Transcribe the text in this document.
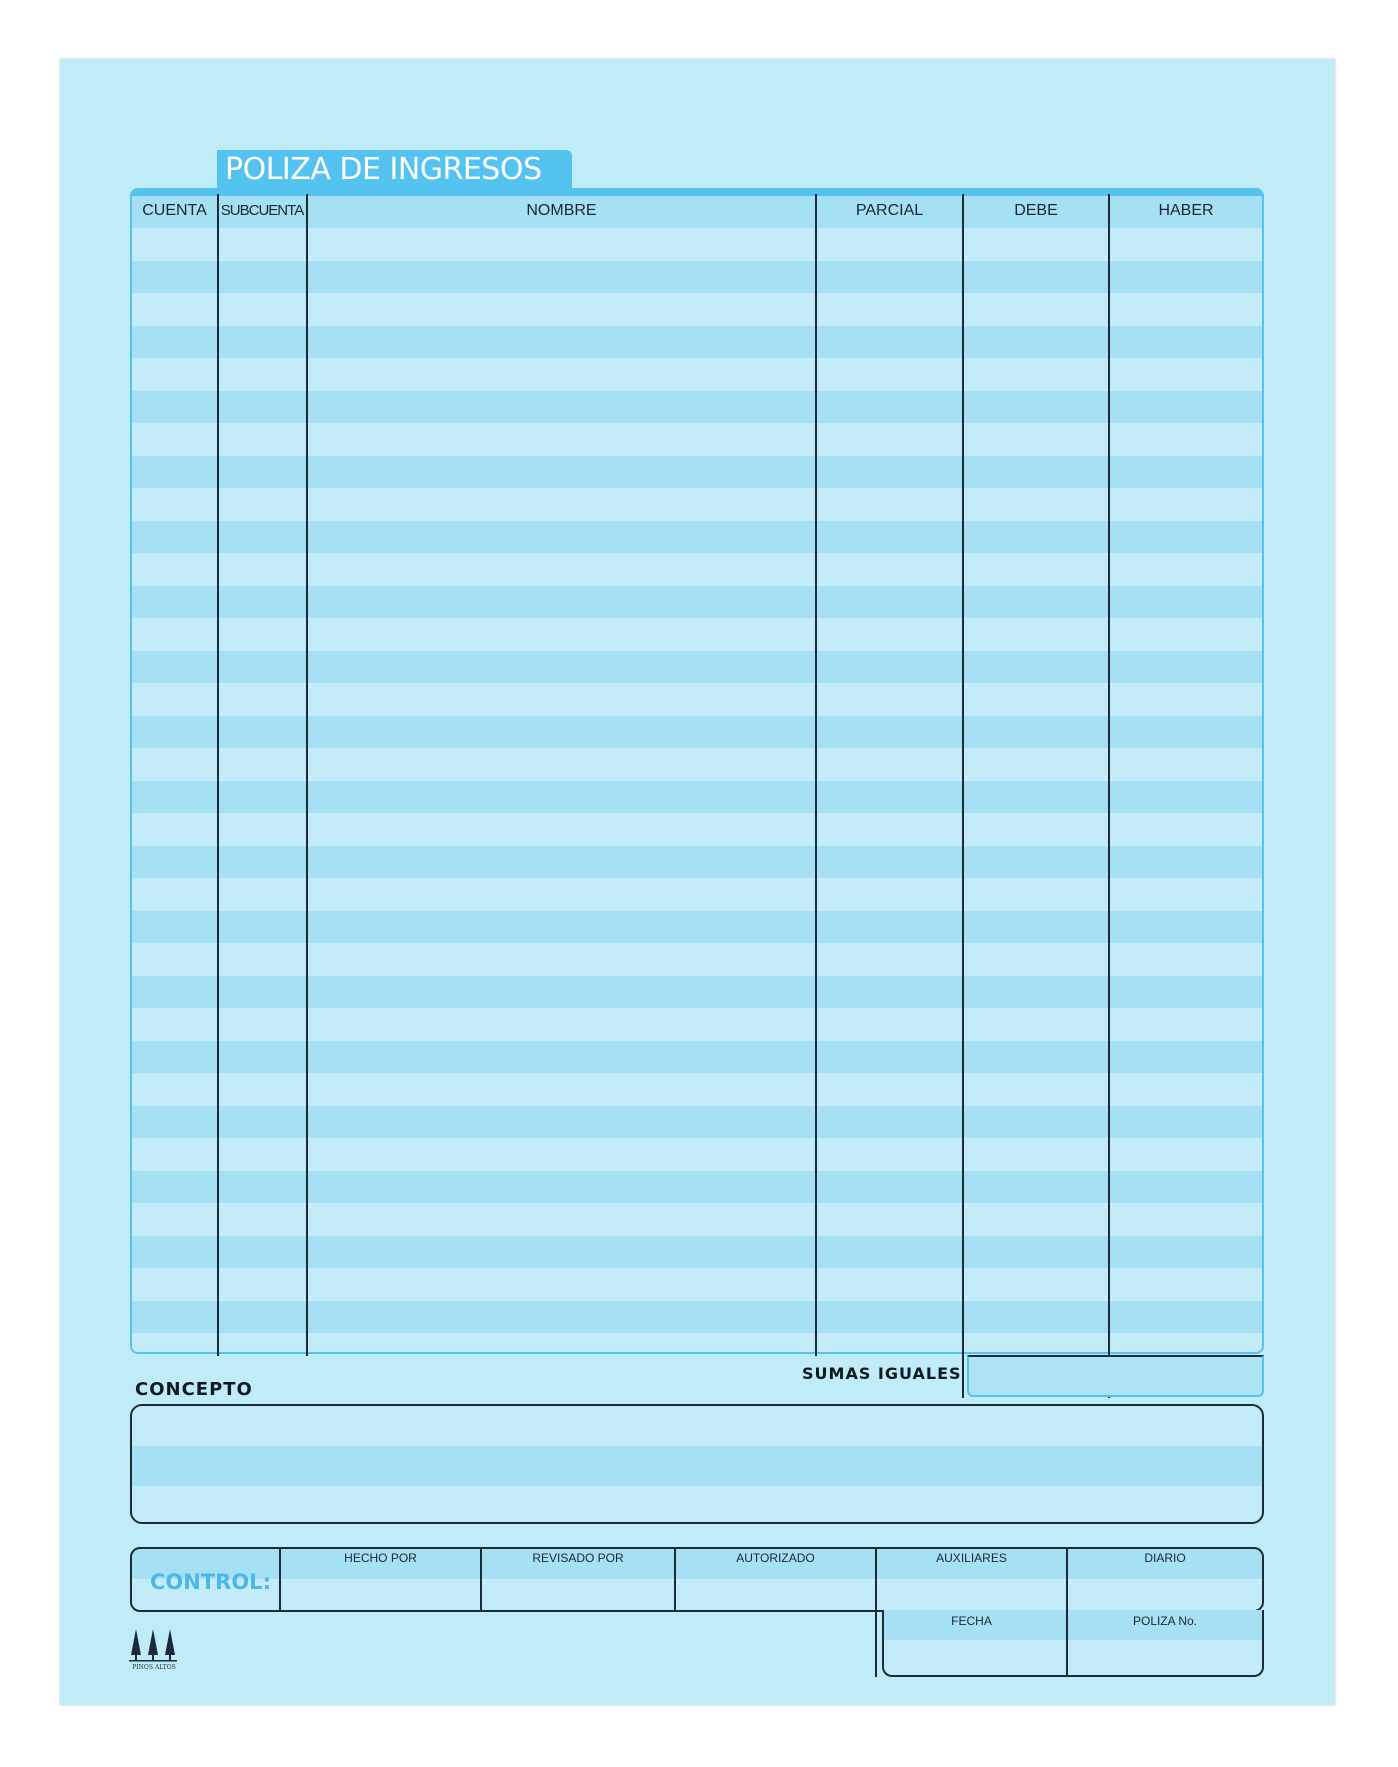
POLIZA DE INGRESOS
CUENTA SUBCUENTA	NOMBRE	PARCIAL	DEBE	HABER
SUMAS IGUALES
CONCEPTO
CONTROL:
HECHO POR	REVISADO POR	AUTORIZADO	AUXILIARES	DIARIO
FECHA	POLIZA No.
PINOS ALTOS
